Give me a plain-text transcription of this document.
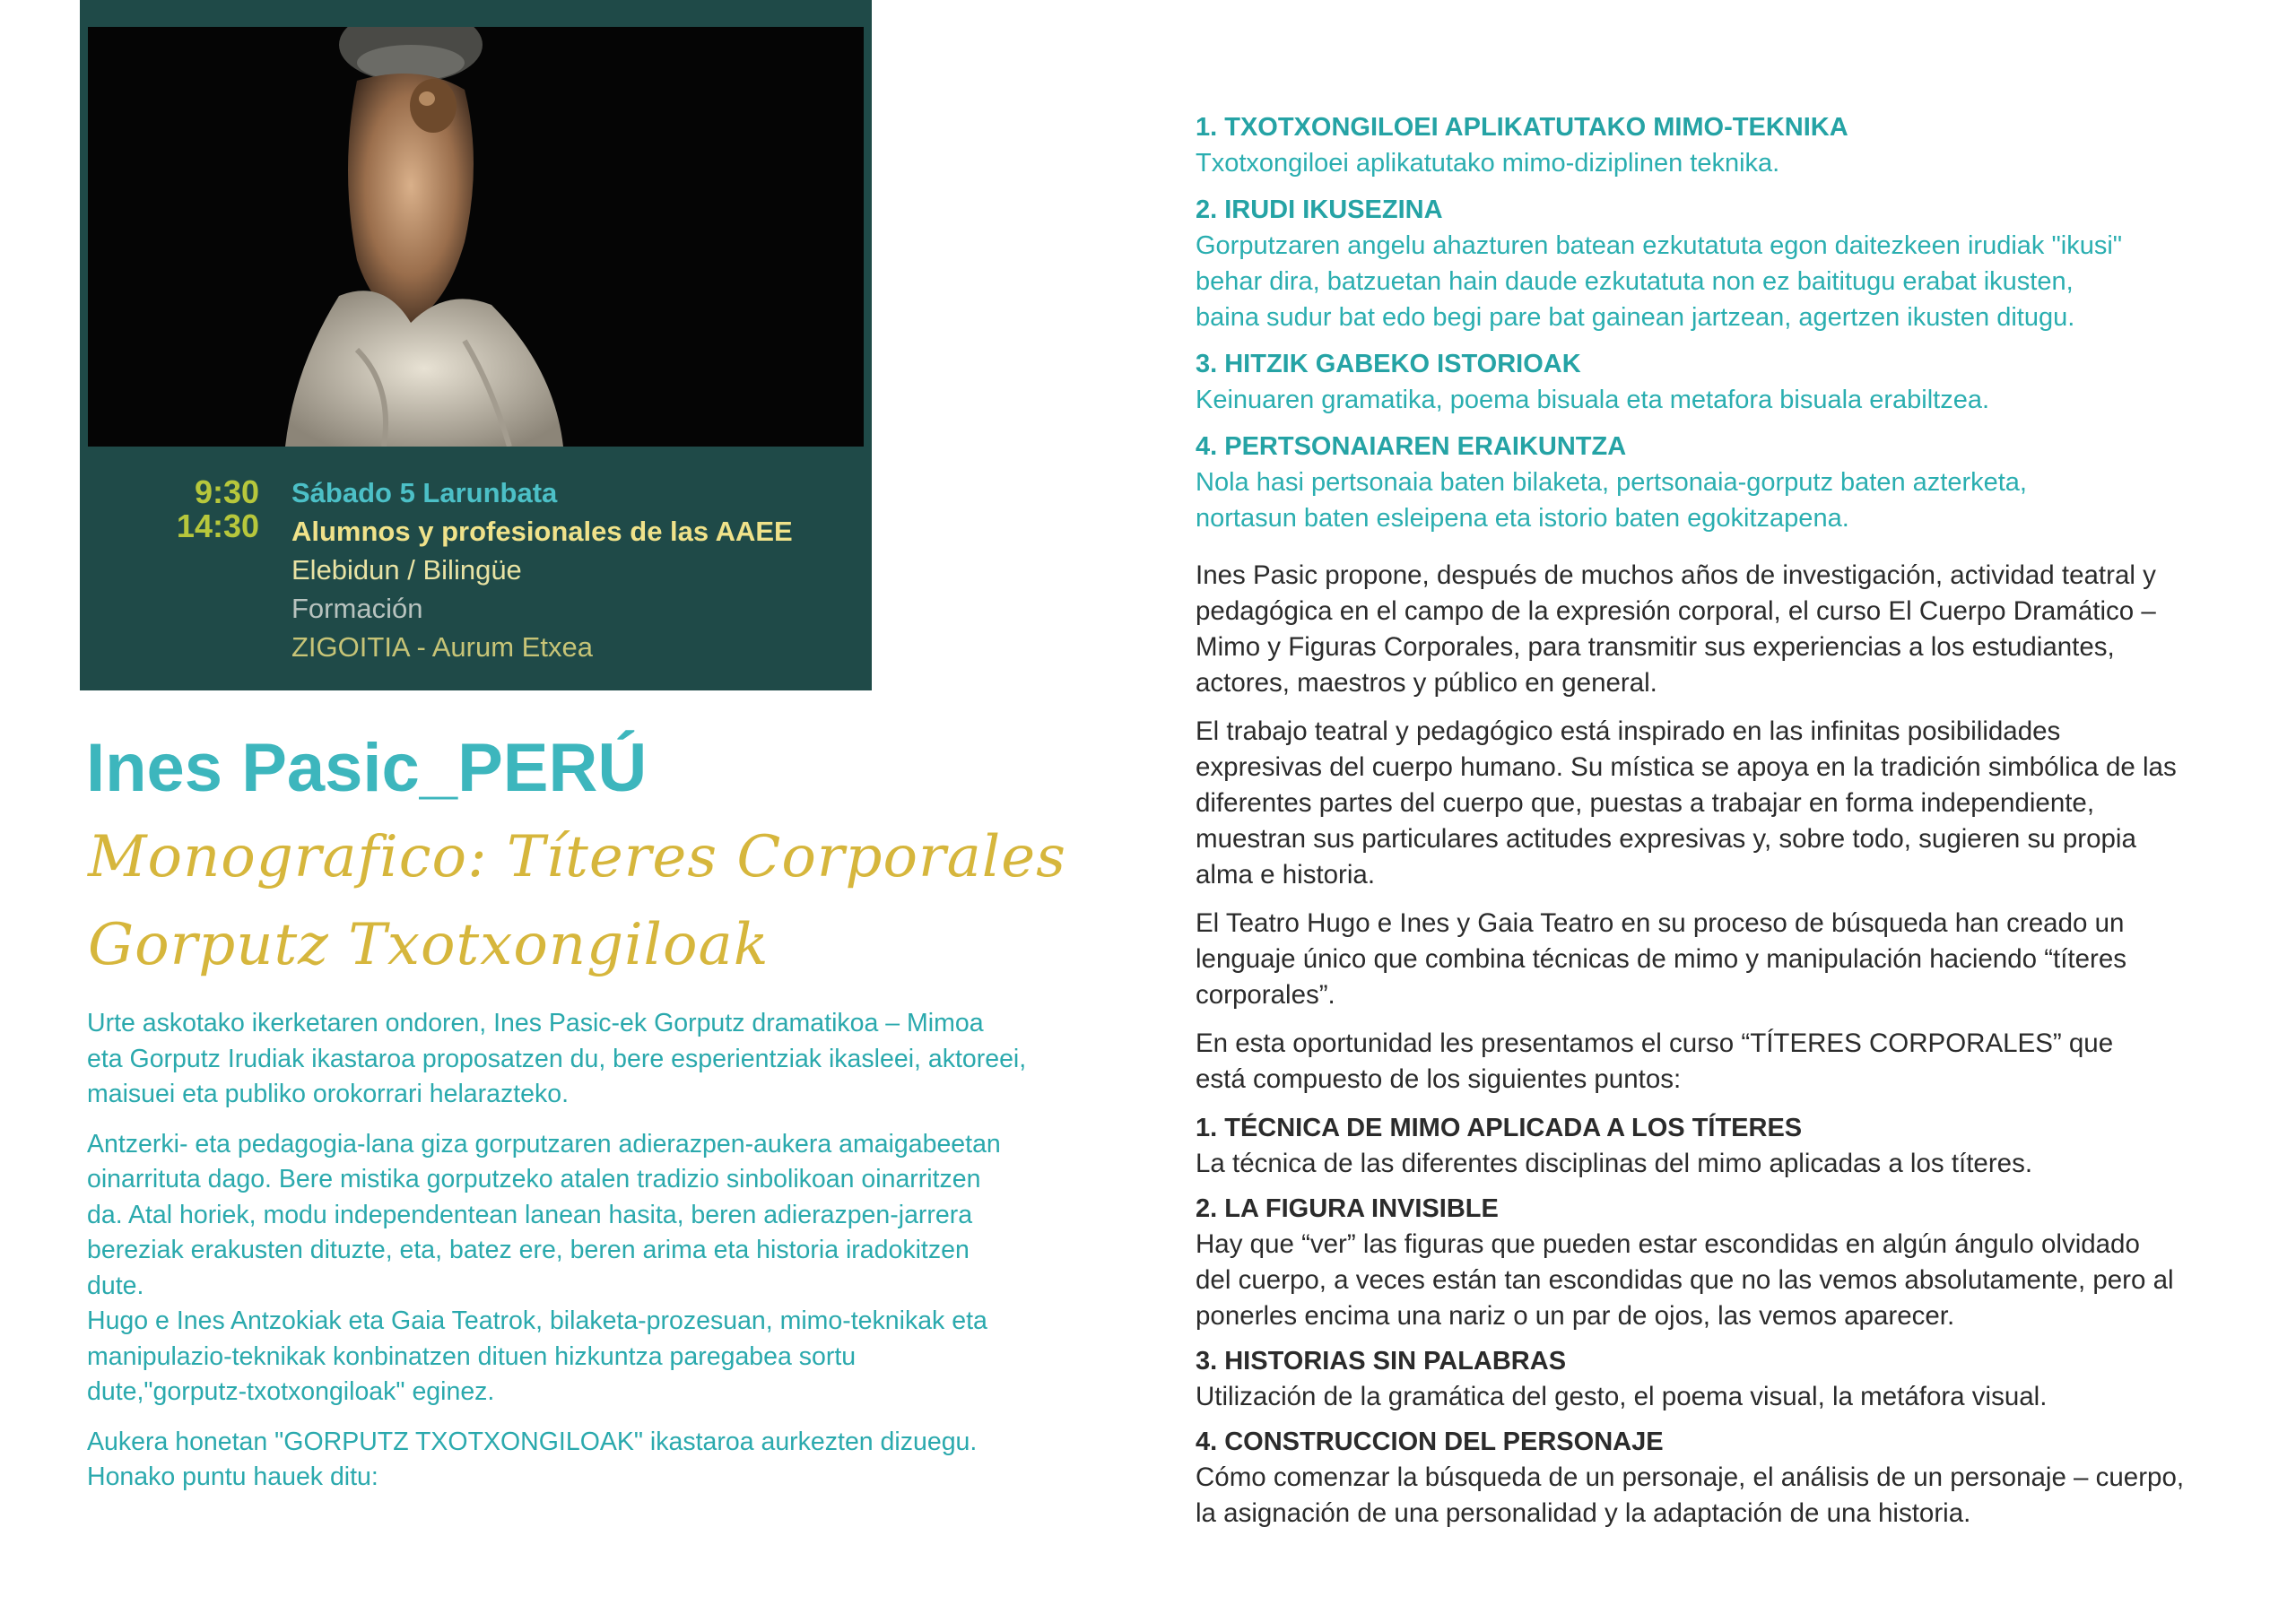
9:30
14:30
Sábado 5 Larunbata
Alumnos y profesionales de las AAEE
Elebidun / Bilingüe
Formación
ZIGOITIA - Aurum Etxea
Ines Pasic_PERÚ
Monografico: Títeres Corporales
Gorputz Txotxongiloak

Urte askotako ikerketaren ondoren, Ines Pasic-ek Gorputz dramatikoa – Mimoa
eta Gorputz Irudiak ikastaroa proposatzen du, bere esperientziak ikasleei, aktoreei,
maisuei eta publiko orokorrari helarazteko.

Antzerki- eta pedagogia-lana giza gorputzaren adierazpen-aukera amaigabeetan
oinarrituta dago. Bere mistika gorputzeko atalen tradizio sinbolikoan oinarritzen
da. Atal horiek, modu independentean lanean hasita, beren adierazpen-jarrera
bereziak erakusten dituzte, eta, batez ere, beren arima eta historia iradokitzen
dute.
Hugo e Ines Antzokiak eta Gaia Teatrok, bilaketa-prozesuan, mimo-teknikak eta
manipulazio-teknikak konbinatzen dituen hizkuntza paregabea sortu
dute,"gorputz-txotxongiloak" eginez.

Aukera honetan "GORPUTZ TXOTXONGILOAK" ikastaroa aurkezten dizuegu.
Honako puntu hauek ditu:

1. TXOTXONGILOEI APLIKATUTAKO MIMO-TEKNIKA
Txotxongiloei aplikatutako mimo-diziplinen teknika.
2. IRUDI IKUSEZINA
Gorputzaren angelu ahazturen batean ezkutatuta egon daitezkeen irudiak "ikusi"
behar dira, batzuetan hain daude ezkutatuta non ez baititugu erabat ikusten,
baina sudur bat edo begi pare bat gainean jartzean, agertzen ikusten ditugu.
3. HITZIK GABEKO ISTORIOAK
Keinuaren gramatika, poema bisuala eta metafora bisuala erabiltzea.
4. PERTSONAIAREN ERAIKUNTZA
Nola hasi pertsonaia baten bilaketa, pertsonaia-gorputz baten azterketa,
nortasun baten esleipena eta istorio baten egokitzapena.

Ines Pasic propone, después de muchos años de investigación, actividad teatral y
pedagógica en el campo de la expresión corporal, el curso El Cuerpo Dramático –
Mimo y Figuras Corporales, para transmitir sus experiencias a los estudiantes,
actores, maestros y público en general.

El trabajo teatral y pedagógico está inspirado en las infinitas posibilidades
expresivas del cuerpo humano. Su mística se apoya en la tradición simbólica de las
diferentes partes del cuerpo que, puestas a trabajar en forma independiente,
muestran sus particulares actitudes expresivas y, sobre todo, sugieren su propia
alma e historia.

El Teatro Hugo e Ines y Gaia Teatro en su proceso de búsqueda han creado un
lenguaje único que combina técnicas de mimo y manipulación haciendo “títeres
corporales”.

En esta oportunidad les presentamos el curso “TÍTERES CORPORALES” que
está compuesto de los siguientes puntos:

1. TÉCNICA DE MIMO APLICADA A LOS TÍTERES
La técnica de las diferentes disciplinas del mimo aplicadas a los títeres.
2. LA FIGURA INVISIBLE
Hay que “ver” las figuras que pueden estar escondidas en algún ángulo olvidado
del cuerpo, a veces están tan escondidas que no las vemos absolutamente, pero al
ponerles encima una nariz o un par de ojos, las vemos aparecer.
3. HISTORIAS SIN PALABRAS
Utilización de la gramática del gesto, el poema visual, la metáfora visual.
4. CONSTRUCCION DEL PERSONAJE
Cómo comenzar la búsqueda de un personaje, el análisis de un personaje – cuerpo,
la asignación de una personalidad y la adaptación de una historia.
